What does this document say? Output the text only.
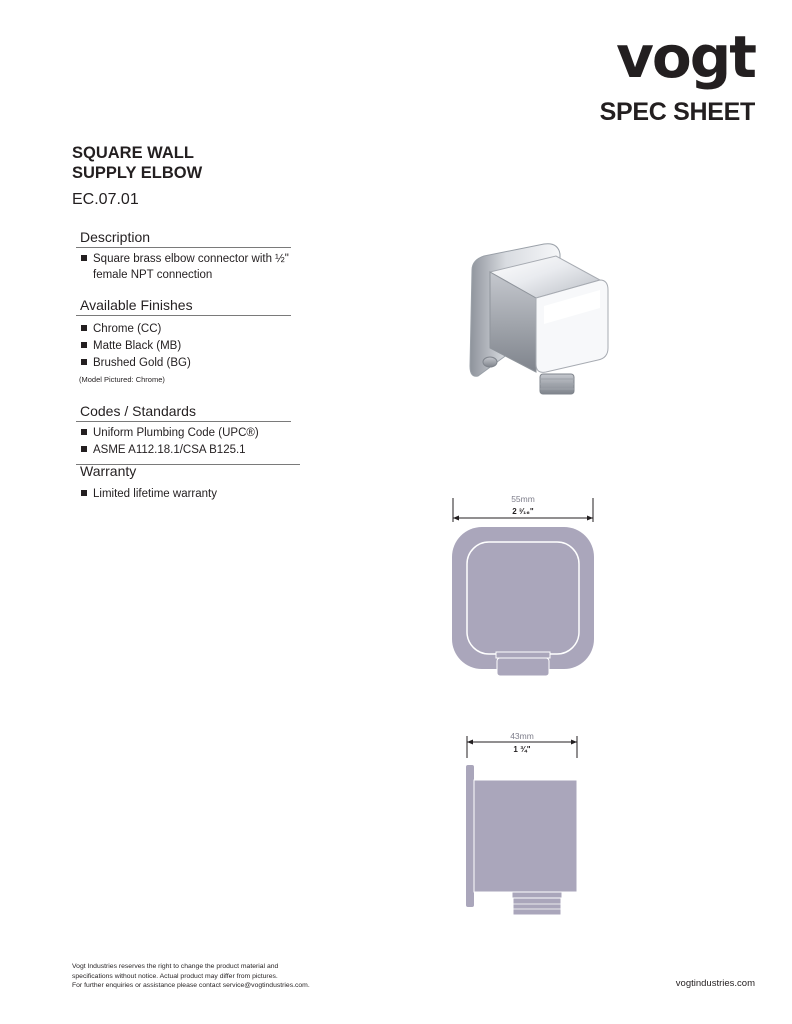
vogt
SPEC SHEET
SQUARE WALL
SUPPLY ELBOW
EC.07.01
Description
Square brass elbow connector with ½" female NPT connection
Available Finishes
Chrome (CC)
Matte Black (MB)
Brushed Gold (BG)
(Model Pictured: Chrome)
Codes / Standards
Uniform Plumbing Code (UPC®)
ASME A112.18.1/CSA B125.1
Warranty
Limited lifetime warranty	55mm
2 ³⁄₁₆"
43mm
1 ¾"
Vogt Industries reserves the right to change the product material and
specifications without notice. Actual product may differ from pictures.
For further enquiries or assistance please contact service@vogtindustries.com.	vogtindustries.com
